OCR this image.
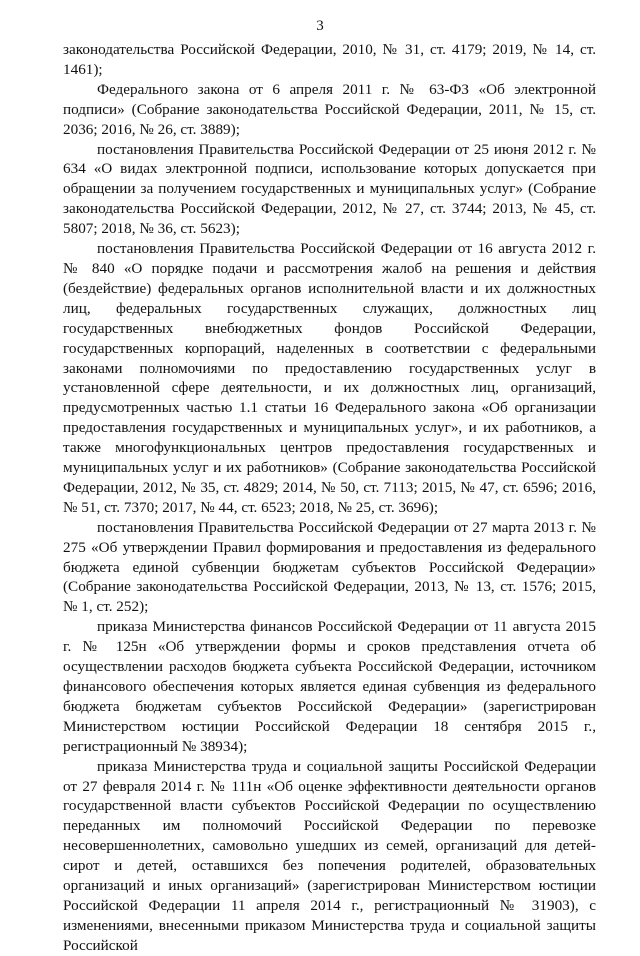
3

законодательства Российской Федерации, 2010, № 31, ст. 4179; 2019, № 14, ст. 1461);

Федерального закона от 6 апреля 2011 г. № 63-ФЗ «Об электронной подписи» (Собрание законодательства Российской Федерации, 2011, № 15, ст. 2036; 2016, № 26, ст. 3889);

постановления Правительства Российской Федерации от 25 июня 2012 г. № 634 «О видах электронной подписи, использование которых допускается при обращении за получением государственных и муниципальных услуг» (Собрание законодательства Российской Федерации, 2012, № 27, ст. 3744; 2013, № 45, ст. 5807; 2018, № 36, ст. 5623);

постановления Правительства Российской Федерации от 16 августа 2012 г. № 840 «О порядке подачи и рассмотрения жалоб на решения и действия (бездействие) федеральных органов исполнительной власти и их должностных лиц, федеральных государственных служащих, должностных лиц государственных внебюджетных фондов Российской Федерации, государственных корпораций, наделенных в соответствии с федеральными законами полномочиями по предоставлению государственных услуг в установленной сфере деятельности, и их должностных лиц, организаций, предусмотренных частью 1.1 статьи 16 Федерального закона «Об организации предоставления государственных и муниципальных услуг», и их работников, а также многофункциональных центров предоставления государственных и муниципальных услуг и их работников» (Собрание законодательства Российской Федерации, 2012, № 35, ст. 4829; 2014, № 50, ст. 7113; 2015, № 47, ст. 6596; 2016, № 51, ст. 7370; 2017, № 44, ст. 6523; 2018, № 25, ст. 3696);

постановления Правительства Российской Федерации от 27 марта 2013 г. № 275 «Об утверждении Правил формирования и предоставления из федерального бюджета единой субвенции бюджетам субъектов Российской Федерации» (Собрание законодательства Российской Федерации, 2013, № 13, ст. 1576; 2015, № 1, ст. 252);

приказа Министерства финансов Российской Федерации от 11 августа 2015 г. № 125н «Об утверждении формы и сроков представления отчета об осуществлении расходов бюджета субъекта Российской Федерации, источником финансового обеспечения которых является единая субвенция из федерального бюджета бюджетам субъектов Российской Федерации» (зарегистрирован Министерством юстиции Российской Федерации 18 сентября 2015 г., регистрационный № 38934);

приказа Министерства труда и социальной защиты Российской Федерации от 27 февраля 2014 г. № 111н «Об оценке эффективности деятельности органов государственной власти субъектов Российской Федерации по осуществлению переданных им полномочий Российской Федерации по перевозке несовершеннолетних, самовольно ушедших из семей, организаций для детей-сирот и детей, оставшихся без попечения родителей, образовательных организаций и иных организаций» (зарегистрирован Министерством юстиции Российской Федерации 11 апреля 2014 г., регистрационный № 31903), с изменениями, внесенными приказом Министерства труда и социальной защиты Российской
